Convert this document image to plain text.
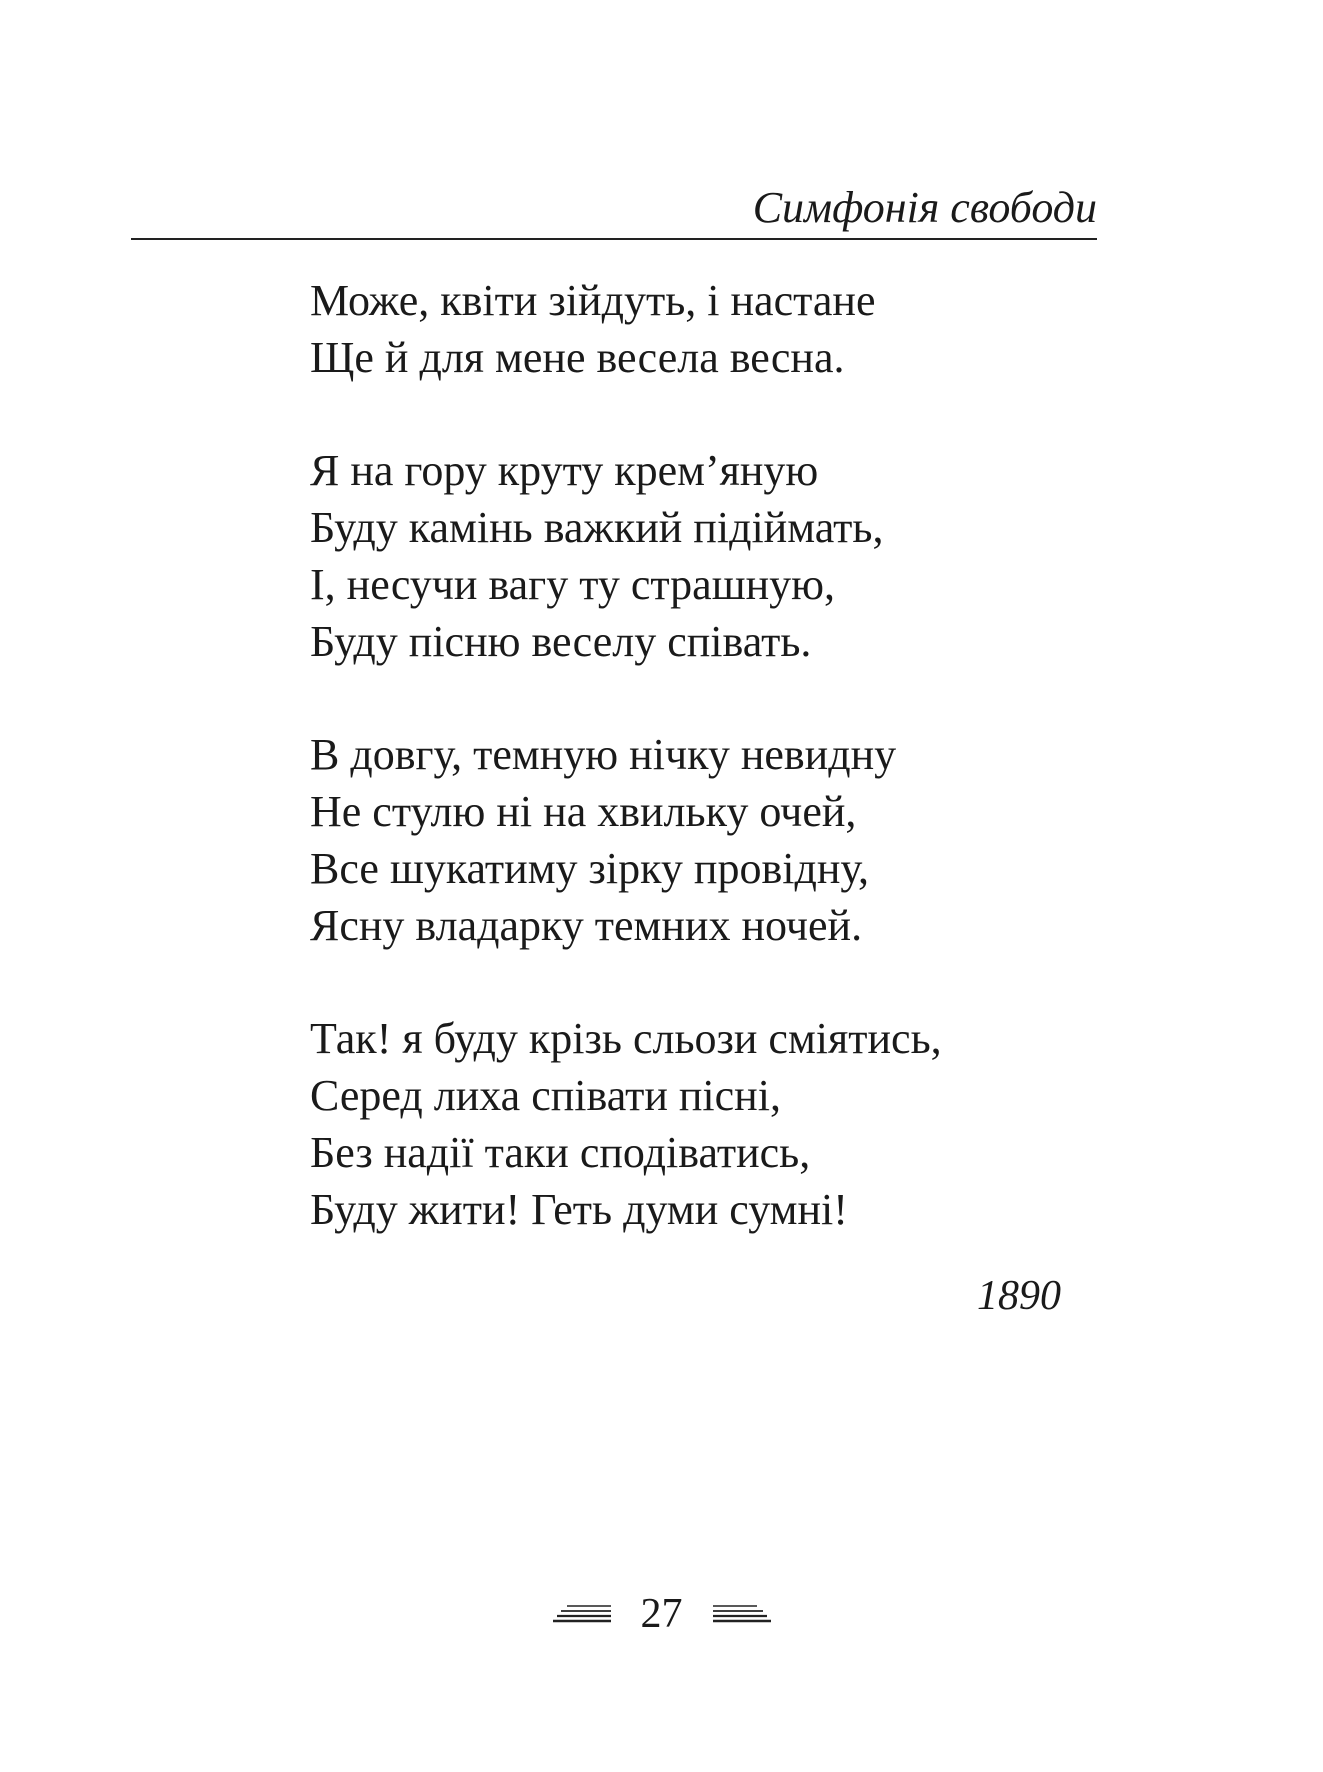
Симфонія свободи
Може, квіти зійдуть, і настане
Ще й для мене весела весна.
Я на гору круту крем’яную
Буду камінь важкий підіймать,
І, несучи вагу ту страшную,
Буду пісню веселу співать.
В довгу, темную нічку невидну
Не стулю ні на хвильку очей,
Все шукатиму зірку провідну,
Ясну владарку темних ночей.
Так! я буду крізь сльози сміятись,
Серед лиха співати пісні,
Без надії таки сподіватись,
Буду жити! Геть думи сумні!
1890
27
